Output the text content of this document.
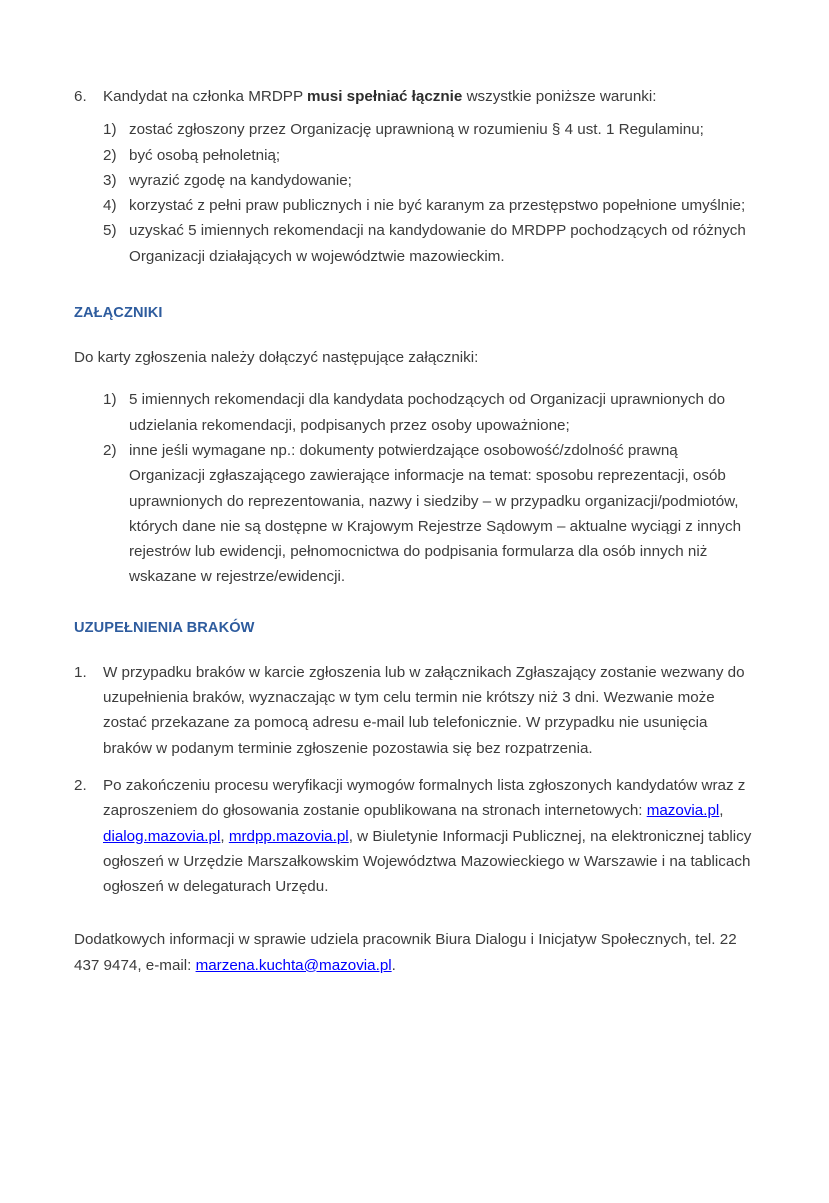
6.	Kandydat na członka MRDPP musi spełniać łącznie wszystkie poniższe warunki:
1) zostać zgłoszony przez Organizację uprawnioną w rozumieniu § 4 ust. 1 Regulaminu;
2) być osobą pełnoletnią;
3) wyrazić zgodę na kandydowanie;
4) korzystać z pełni praw publicznych i nie być karanym za przestępstwo popełnione umyślnie;
5) uzyskać 5 imiennych rekomendacji na kandydowanie do MRDPP pochodzących od różnych Organizacji działających w województwie mazowieckim.
ZAŁĄCZNIKI

Do karty zgłoszenia należy dołączyć następujące załączniki:

1) 5 imiennych rekomendacji dla kandydata pochodzących od Organizacji uprawnionych do udzielania rekomendacji, podpisanych przez osoby upoważnione;
2) inne jeśli wymagane np.: dokumenty potwierdzające osobowość/zdolność prawną Organizacji zgłaszającego zawierające informacje na temat: sposobu reprezentacji, osób uprawnionych do reprezentowania, nazwy i siedziby – w przypadku organizacji/podmiotów, których dane nie są dostępne w Krajowym Rejestrze Sądowym – aktualne wyciągi z innych rejestrów lub ewidencji, pełnomocnictwa do podpisania formularza dla osób innych niż wskazane w rejestrze/ewidencji.
UZUPEŁNIENIA BRAKÓW
1.	W przypadku braków w karcie zgłoszenia lub w załącznikach Zgłaszający zostanie wezwany do uzupełnienia braków, wyznaczając w tym celu termin nie krótszy niż 3 dni. Wezwanie może zostać przekazane za pomocą adresu e-mail lub telefonicznie. W przypadku nie usunięcia braków w podanym terminie zgłoszenie pozostawia się bez rozpatrzenia.
2.	Po zakończeniu procesu weryfikacji wymogów formalnych lista zgłoszonych kandydatów wraz z zaproszeniem do głosowania zostanie opublikowana na stronach internetowych: mazovia.pl, dialog.mazovia.pl, mrdpp.mazovia.pl, w Biuletynie Informacji Publicznej, na elektronicznej tablicy ogłoszeń w Urzędzie Marszałkowskim Województwa Mazowieckiego w Warszawie i na tablicach ogłoszeń w delegaturach Urzędu.

Dodatkowych informacji w sprawie udziela pracownik Biura Dialogu i Inicjatyw Społecznych, tel. 22 437 9474, e-mail: marzena.kuchta@mazovia.pl.
